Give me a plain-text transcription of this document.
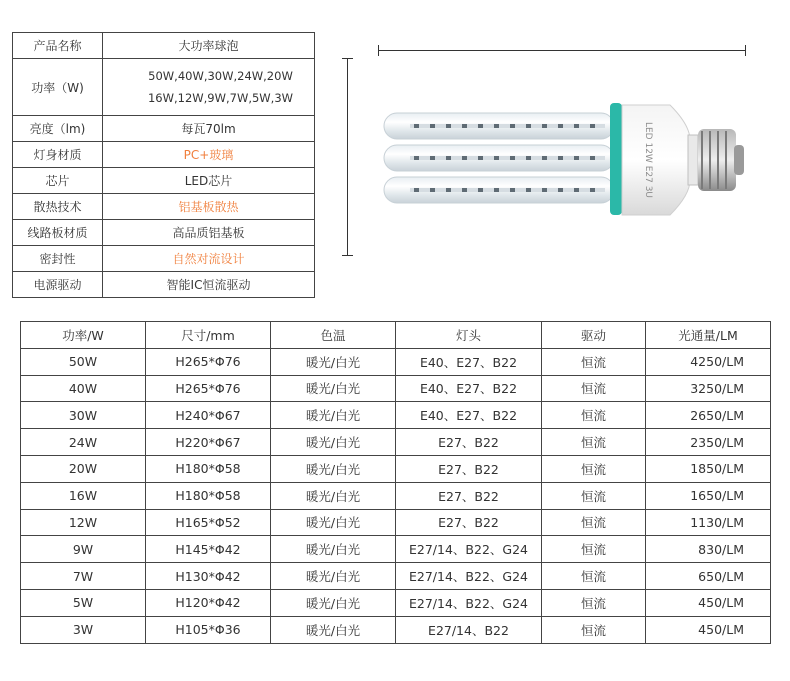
产品名称	大功率球泡
功率（W)	50W,40W,30W,24W,20W
16W,12W,9W,7W,5W,3W

亮度（lm)	每瓦70lm
灯身材质	PC+玻璃
芯片	LED芯片
散热技术	铝基板散热
线路板材质	高品质铝基板
密封性	自然对流设计
电源驱动	智能IC恒流驱动
LED 12W E27 3U
功率/W	尺寸/mm	色温	灯头	驱动	光通量/LM
50W	H265*Φ76	暖光/白光	E40、E27、B22	恒流	4250/LM
40W	H265*Φ76	暖光/白光	E40、E27、B22	恒流	3250/LM
30W	H240*Φ67	暖光/白光	E40、E27、B22	恒流	2650/LM
24W	H220*Φ67	暖光/白光	E27、B22	恒流	2350/LM
20W	H180*Φ58	暖光/白光	E27、B22	恒流	1850/LM
16W	H180*Φ58	暖光/白光	E27、B22	恒流	1650/LM
12W	H165*Φ52	暖光/白光	E27、B22	恒流	1130/LM
9W	H145*Φ42	暖光/白光	E27/14、B22、G24	恒流	830/LM
7W	H130*Φ42	暖光/白光	E27/14、B22、G24	恒流	650/LM
5W	H120*Φ42	暖光/白光	E27/14、B22、G24	恒流	450/LM
3W	H105*Φ36	暖光/白光	E27/14、B22	恒流	450/LM
